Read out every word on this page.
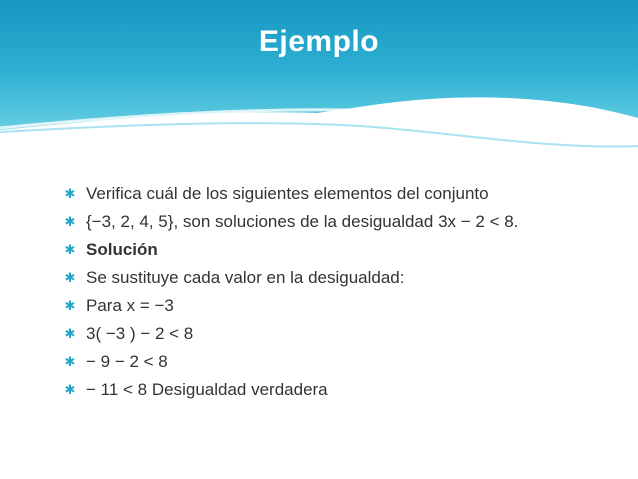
Ejemplo
✱ Verifica cuál de los siguientes elementos del conjunto
✱ {−3, 2, 4, 5}, son soluciones de la desigualdad 3x − 2 < 8.
✱ Solución
✱ Se sustituye cada valor en la desigualdad:
✱ Para x = −3
✱ 3( −3 ) − 2 < 8
✱ − 9 − 2 < 8
✱ − 11 < 8 Desigualdad verdadera
